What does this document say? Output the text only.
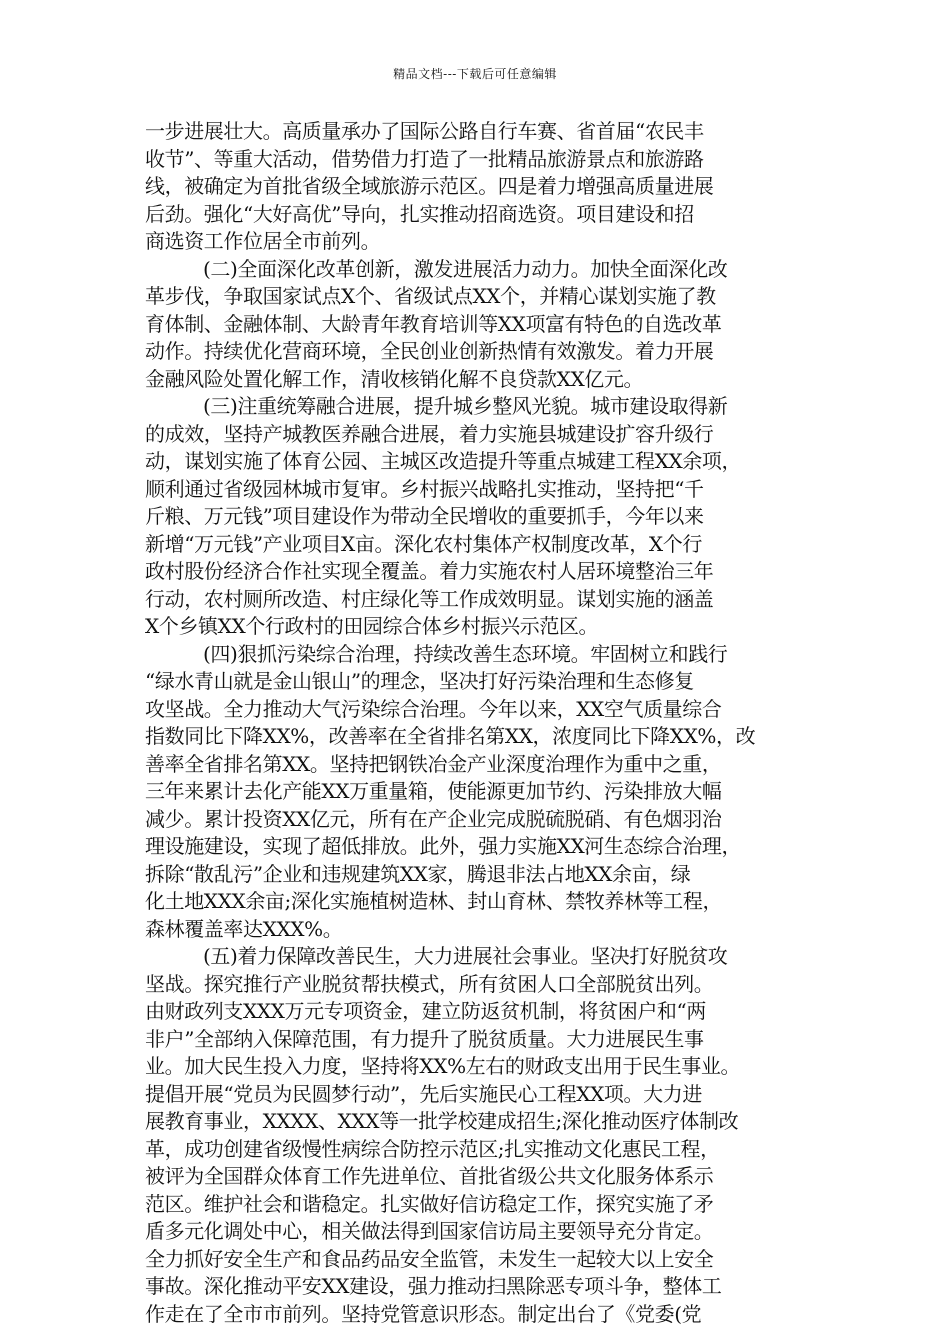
精品文档---下载后可任意编辑
一步进展壮大。高质量承办了国际公路自行车赛、省首届“农民丰
收节”、等重大活动，借势借力打造了一批精品旅游景点和旅游路
线，被确定为首批省级全域旅游示范区。四是着力增强高质量进展
后劲。强化“大好高优”导向，扎实推动招商选资。项目建设和招
商选资工作位居全市前列。
(二)全面深化改革创新，激发进展活力动力。加快全面深化改
革步伐，争取国家试点X个、省级试点XX个，并精心谋划实施了教
育体制、金融体制、大龄青年教育培训等XX项富有特色的自选改革
动作。持续优化营商环境，全民创业创新热情有效激发。着力开展
金融风险处置化解工作，清收核销化解不良贷款XX亿元。
(三)注重统筹融合进展，提升城乡整风光貌。城市建设取得新
的成效，坚持产城教医养融合进展，着力实施县城建设扩容升级行
动，谋划实施了体育公园、主城区改造提升等重点城建工程XX余项，
顺利通过省级园林城市复审。乡村振兴战略扎实推动，坚持把“千
斤粮、万元钱”项目建设作为带动全民增收的重要抓手，今年以来
新增“万元钱”产业项目X亩。深化农村集体产权制度改革，X个行
政村股份经济合作社实现全覆盖。着力实施农村人居环境整治三年
行动，农村厕所改造、村庄绿化等工作成效明显。谋划实施的涵盖
X个乡镇XX个行政村的田园综合体乡村振兴示范区。
(四)狠抓污染综合治理，持续改善生态环境。牢固树立和践行
“绿水青山就是金山银山”的理念，坚决打好污染治理和生态修复
攻坚战。全力推动大气污染综合治理。今年以来，XX空气质量综合
指数同比下降XX%，改善率在全省排名第XX，浓度同比下降XX%，改
善率全省排名第XX。坚持把钢铁冶金产业深度治理作为重中之重，
三年来累计去化产能XX万重量箱，使能源更加节约、污染排放大幅
减少。累计投资XX亿元，所有在产企业完成脱硫脱硝、有色烟羽治
理设施建设，实现了超低排放。此外，强力实施XX河生态综合治理，
拆除“散乱污”企业和违规建筑XX家，腾退非法占地XX余亩，绿
化土地XXX余亩;深化实施植树造林、封山育林、禁牧养林等工程，
森林覆盖率达XXX%。
(五)着力保障改善民生，大力进展社会事业。坚决打好脱贫攻
坚战。探究推行产业脱贫帮扶模式，所有贫困人口全部脱贫出列。
由财政列支XXX万元专项资金，建立防返贫机制，将贫困户和“两
非户”全部纳入保障范围，有力提升了脱贫质量。大力进展民生事
业。加大民生投入力度，坚持将XX%左右的财政支出用于民生事业。
提倡开展“党员为民圆梦行动”，先后实施民心工程XX项。大力进
展教育事业，XXXX、XXX等一批学校建成招生;深化推动医疗体制改
革，成功创建省级慢性病综合防控示范区;扎实推动文化惠民工程，
被评为全国群众体育工作先进单位、首批省级公共文化服务体系示
范区。维护社会和谐稳定。扎实做好信访稳定工作，探究实施了矛
盾多元化调处中心，相关做法得到国家信访局主要领导充分肯定。
全力抓好安全生产和食品药品安全监管，未发生一起较大以上安全
事故。深化推动平安XX建设，强力推动扫黑除恶专项斗争，整体工
作走在了全市市前列。坚持党管意识形态。制定出台了《党委(党
